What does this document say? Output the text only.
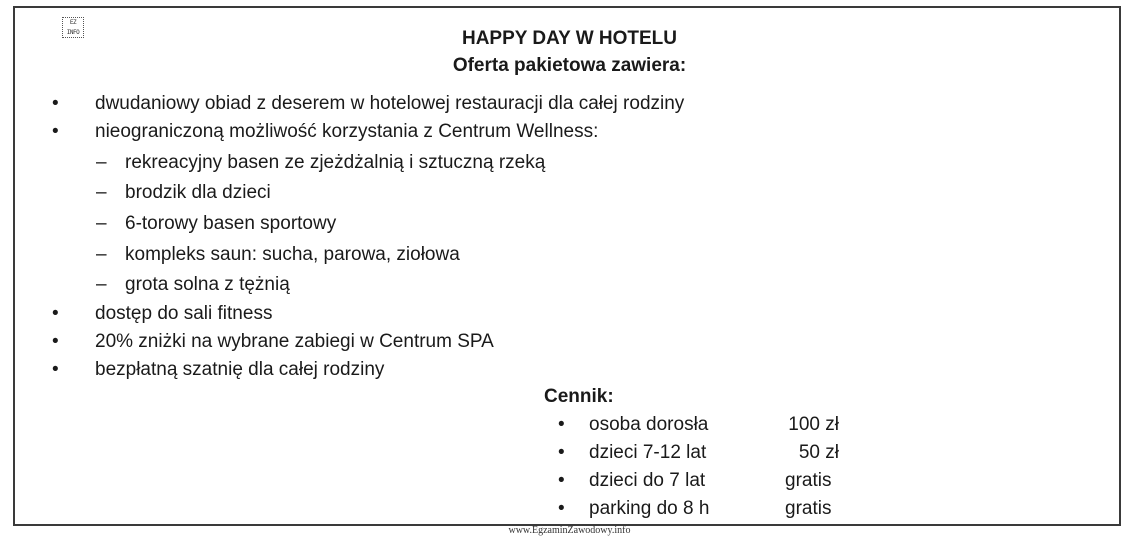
EZ
INFO	HAPPY DAY W HOTELU
Oferta pakietowa zawiera:
• dwudaniowy obiad z deserem w hotelowej restauracji dla całej rodziny
• nieograniczoną możliwość korzystania z Centrum Wellness:
– rekreacyjny basen ze zjeżdżalnią i sztuczną rzeką
– brodzik dla dzieci
– 6-torowy basen sportowy
– kompleks saun: sucha, parowa, ziołowa
– grota solna z tężnią
• dostęp do sali fitness
• 20% zniżki na wybrane zabiegi w Centrum SPA
• bezpłatną szatnię dla całej rodziny
Cennik:
• osoba dorosła	100 zł
• dzieci 7-12 lat	50 zł
• dzieci do 7 lat	gratis
• parking do 8 h	gratis
www.EgzaminZawodowy.info
